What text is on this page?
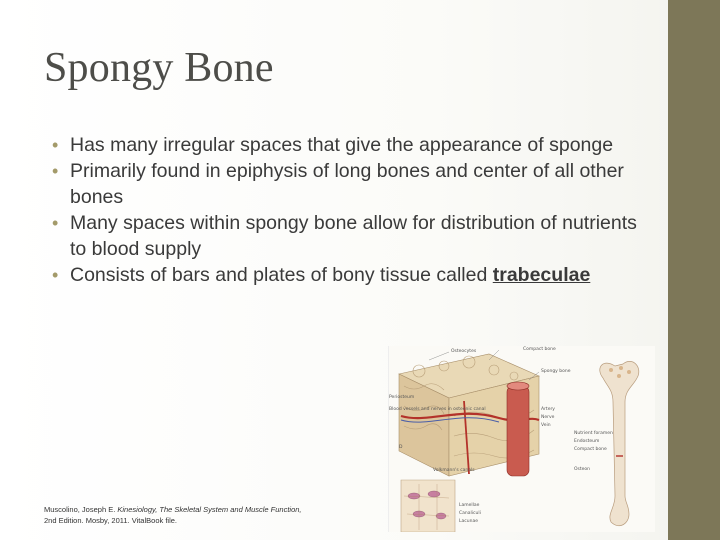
Spongy Bone
• Has many irregular spaces that give the appearance of sponge
• Primarily found in epiphysis of long bones and center of all other bones
• Many spaces within spongy bone allow for distribution of nutrients to blood supply
• Consists of bars and plates of bony tissue called trabeculae
Osteocytes	Compact bone
Spongy bone
Periosteum
Blood vessels and nerves in osteonic canal
Volkmann's canals
Artery
Nerve
Vein
Nutrient foramen
Endosteum
Compact bone
Osteon
Lamellae
Canaliculi
Lacunae
D
Muscolino, Joseph E. Kinesiology, The Skeletal System and Muscle Function,
2nd Edition. Mosby, 2011. VitalBook file.
